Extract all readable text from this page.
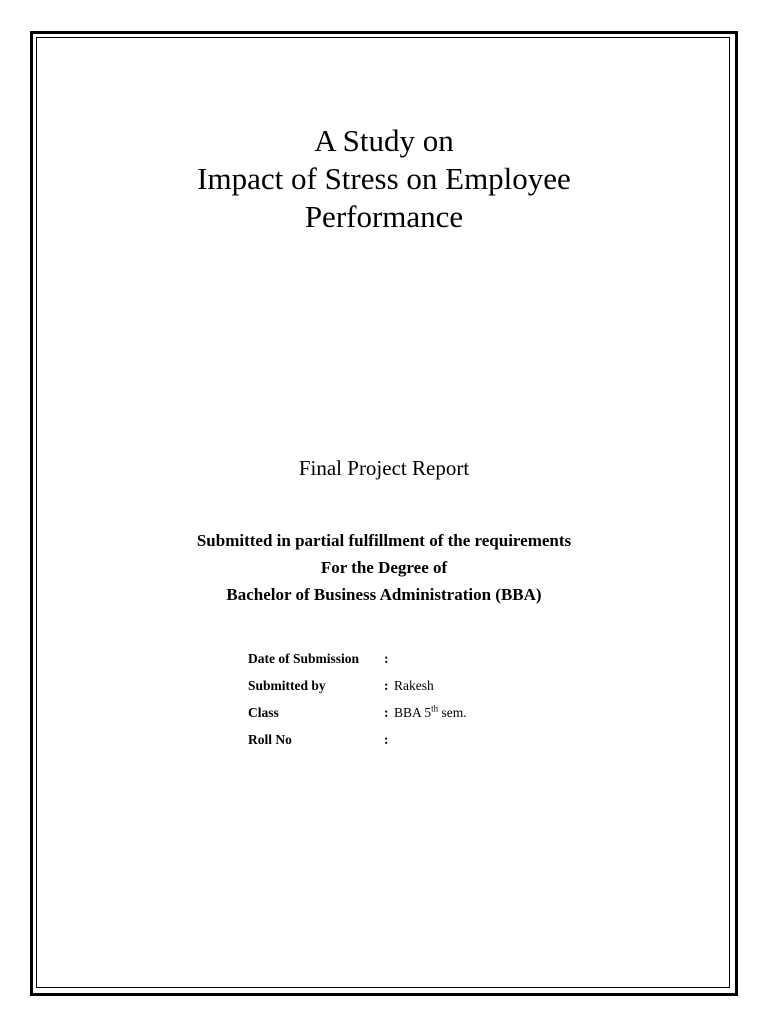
A Study on
Impact of Stress on Employee
Performance
Final Project Report
Submitted in partial fulfillment of the requirements
For the Degree of
Bachelor of Business Administration (BBA)
Date of Submission :
Submitted by	: Rakesh
Class	: BBA 5th sem.
Roll No	:
